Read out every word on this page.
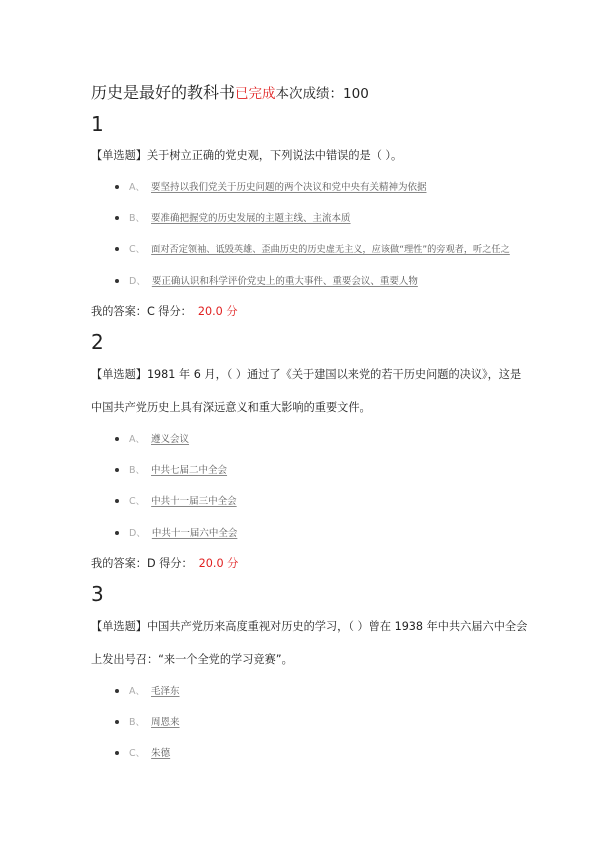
历史是最好的教科书已完成本次成绩：100
1
【单选题】关于树立正确的党史观，下列说法中错误的是（ ）。
A、 要坚持以我们党关于历史问题的两个决议和党中央有关精神为依据
B、 要准确把握党的历史发展的主题主线、主流本质
C、 面对否定领袖、诋毁英雄、歪曲历史的历史虚无主义，应该做“理性”的旁观者，听之任之
D、 要正确认识和科学评价党史上的重大事件、重要会议、重要人物
我的答案：C 得分： 20.0 分
2
【单选题】1981 年 6 月，（ ）通过了《关于建国以来党的若干历史问题的决议》，这是
中国共产党历史上具有深远意义和重大影响的重要文件。
A、 遵义会议
B、 中共七届二中全会
C、 中共十一届三中全会
D、 中共十一届六中全会
我的答案：D 得分： 20.0 分
3
【单选题】中国共产党历来高度重视对历史的学习，（ ）曾在 1938 年中共六届六中全会
上发出号召：“来一个全党的学习竞赛”。
A、 毛泽东
B、 周恩来
C、 朱德
